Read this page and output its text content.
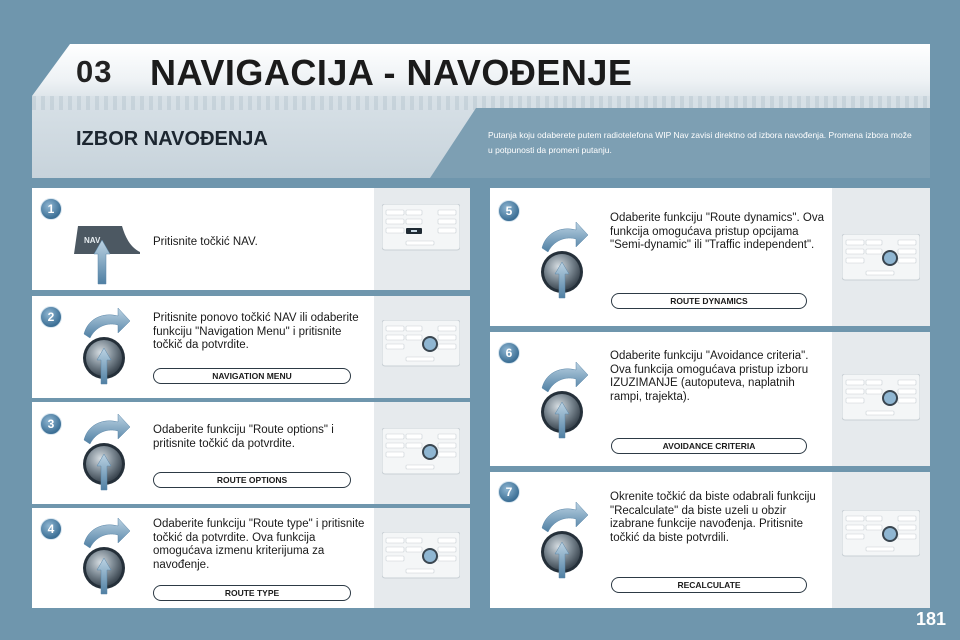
03 NAVIGACIJA - NAVOĐENJE
IZBOR NAVOĐENJA	Putanja koju odaberete putem radiotelefona WIP Nav zavisi direktno od izbora navođenja. Promena izbora može u potpunosti da promeni putanju.
1
NAV	Pritisnite točkić NAV.
2	Pritisnite ponovo točkić NAV ili odaberite funkciju "Navigation Menu" i pritisnite točkič da potvrdite.
NAVIGATION MENU
3	Odaberite funkciju "Route options" i pritisnite točkić da potvrdite.
ROUTE OPTIONS
4	Odaberite funkciju "Route type" i pritisnite točkić da potvrdite. Ova funkcija omogućava izmenu kriterijuma za navođenje.
ROUTE TYPE
5	Odaberite funkciju "Route dynamics". Ova funkcija omogućava pristup opcijama "Semi-dynamic" ili "Traffic independent".
ROUTE DYNAMICS
6	Odaberite funkciju "Avoidance criteria". Ova funkcija omogućava pristup izboru IZUZIMANJE (autoputeva, naplatnih rampi, trajekta).
AVOIDANCE CRITERIA
7	Okrenite točkić da biste odabrali funkciju "Recalculate" da biste uzeli u obzir izabrane funkcije navođenja. Pritisnite točkić da biste potvrdili.
RECALCULATE
181
